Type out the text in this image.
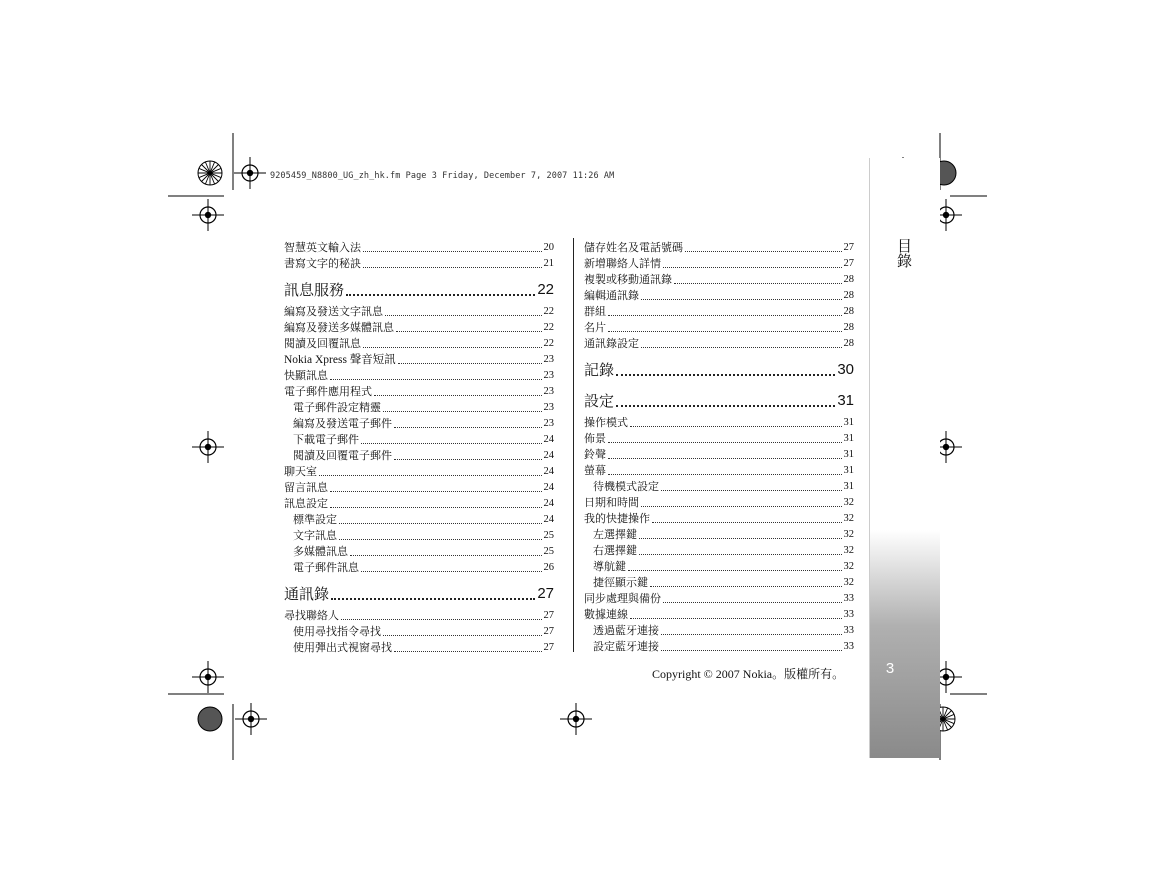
9205459_N8800_UG_zh_hk.fm Page 3 Friday, December 7, 2007 11:26 AM
目錄
3
智慧英文輸入法	20
書寫文字的秘訣	21
訊息服務	22
編寫及發送文字訊息	22
編寫及發送多媒體訊息	22
閱讀及回覆訊息	22
Nokia Xpress 聲音短訊	23
快顯訊息	23
電子郵件應用程式	23
電子郵件設定精靈	23
編寫及發送電子郵件	23
下載電子郵件	24
閱讀及回覆電子郵件	24
聊天室	24
留言訊息	24
訊息設定	24
標準設定	24
文字訊息	25
多媒體訊息	25
電子郵件訊息	26
通訊錄	27
尋找聯絡人	27
使用尋找指令尋找	27
使用彈出式視窗尋找	27
儲存姓名及電話號碼	27
新增聯絡人詳情	27
複製或移動通訊錄	28
編輯通訊錄	28
群組	28
名片	28
通訊錄設定	28
記錄	30
設定	31
操作模式	31
佈景	31
鈴聲	31
螢幕	31
待機模式設定	31
日期和時間	32
我的快捷操作	32
左選擇鍵	32
右選擇鍵	32
導航鍵	32
捷徑顯示鍵	32
同步處理與備份	33
數據連線	33
透過藍牙連接	33
設定藍牙連接	33
Copyright © 2007 Nokia。版權所有。
